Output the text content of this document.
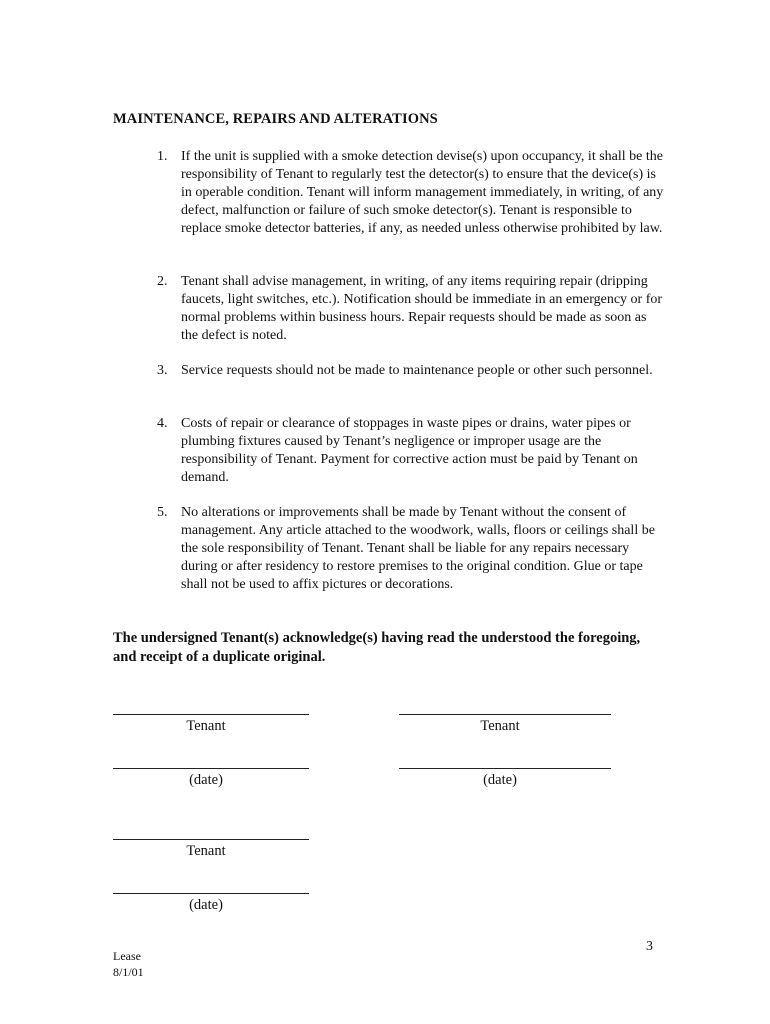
MAINTENANCE, REPAIRS AND ALTERATIONS
1. If the unit is supplied with a smoke detection devise(s) upon occupancy, it shall be the responsibility of Tenant to regularly test the detector(s) to ensure that the device(s) is in operable condition. Tenant will inform management immediately, in writing, of any defect, malfunction or failure of such smoke detector(s). Tenant is responsible to replace smoke detector batteries, if any, as needed unless otherwise prohibited by law.
2. Tenant shall advise management, in writing, of any items requiring repair (dripping faucets, light switches, etc.). Notification should be immediate in an emergency or for normal problems within business hours. Repair requests should be made as soon as the defect is noted.
3. Service requests should not be made to maintenance people or other such personnel.
4. Costs of repair or clearance of stoppages in waste pipes or drains, water pipes or plumbing fixtures caused by Tenant’s negligence or improper usage are the responsibility of Tenant. Payment for corrective action must be paid by Tenant on demand.
5. No alterations or improvements shall be made by Tenant without the consent of management. Any article attached to the woodwork, walls, floors or ceilings shall be the sole responsibility of Tenant. Tenant shall be liable for any repairs necessary during or after residency to restore premises to the original condition. Glue or tape shall not be used to affix pictures or decorations.
The undersigned Tenant(s) acknowledge(s) having read the understood the foregoing, and receipt of a duplicate original.
Tenant
(date)
Tenant
(date)
Tenant
(date)
3
Lease
8/1/01
